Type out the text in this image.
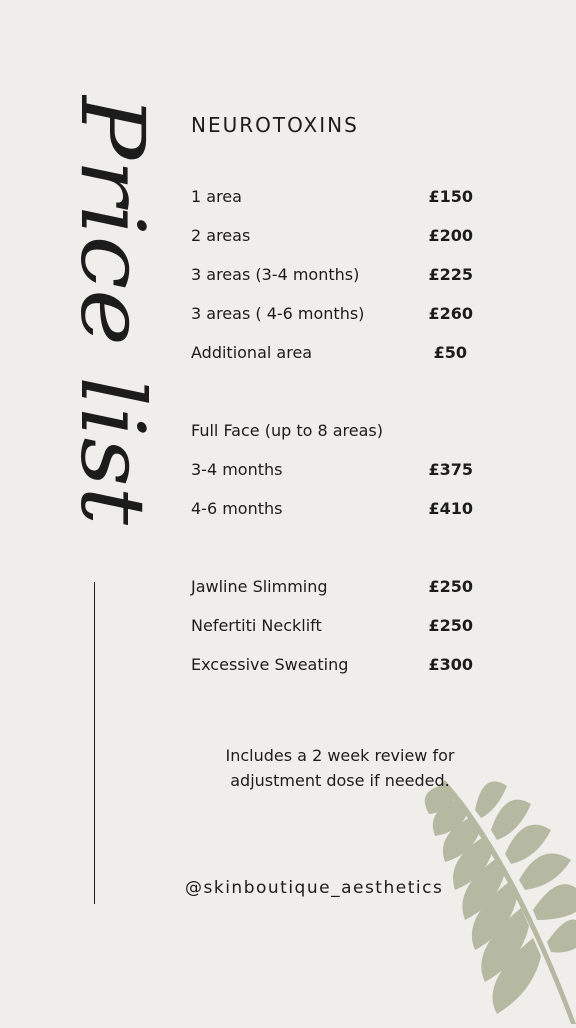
Price list NEUROTOXINS
1 area	£150
2 areas	£200
3 areas (3-4 months)	£225
3 areas ( 4-6 months)	£260
Additional area	£50
Full Face (up to 8 areas)
3-4 months	£375
4-6 months	£410
Jawline Slimming	£250
Nefertiti Necklift	£250
Excessive Sweating	£300
Includes a 2 week review for
adjustment dose if needed.
@skinboutique_aesthetics
